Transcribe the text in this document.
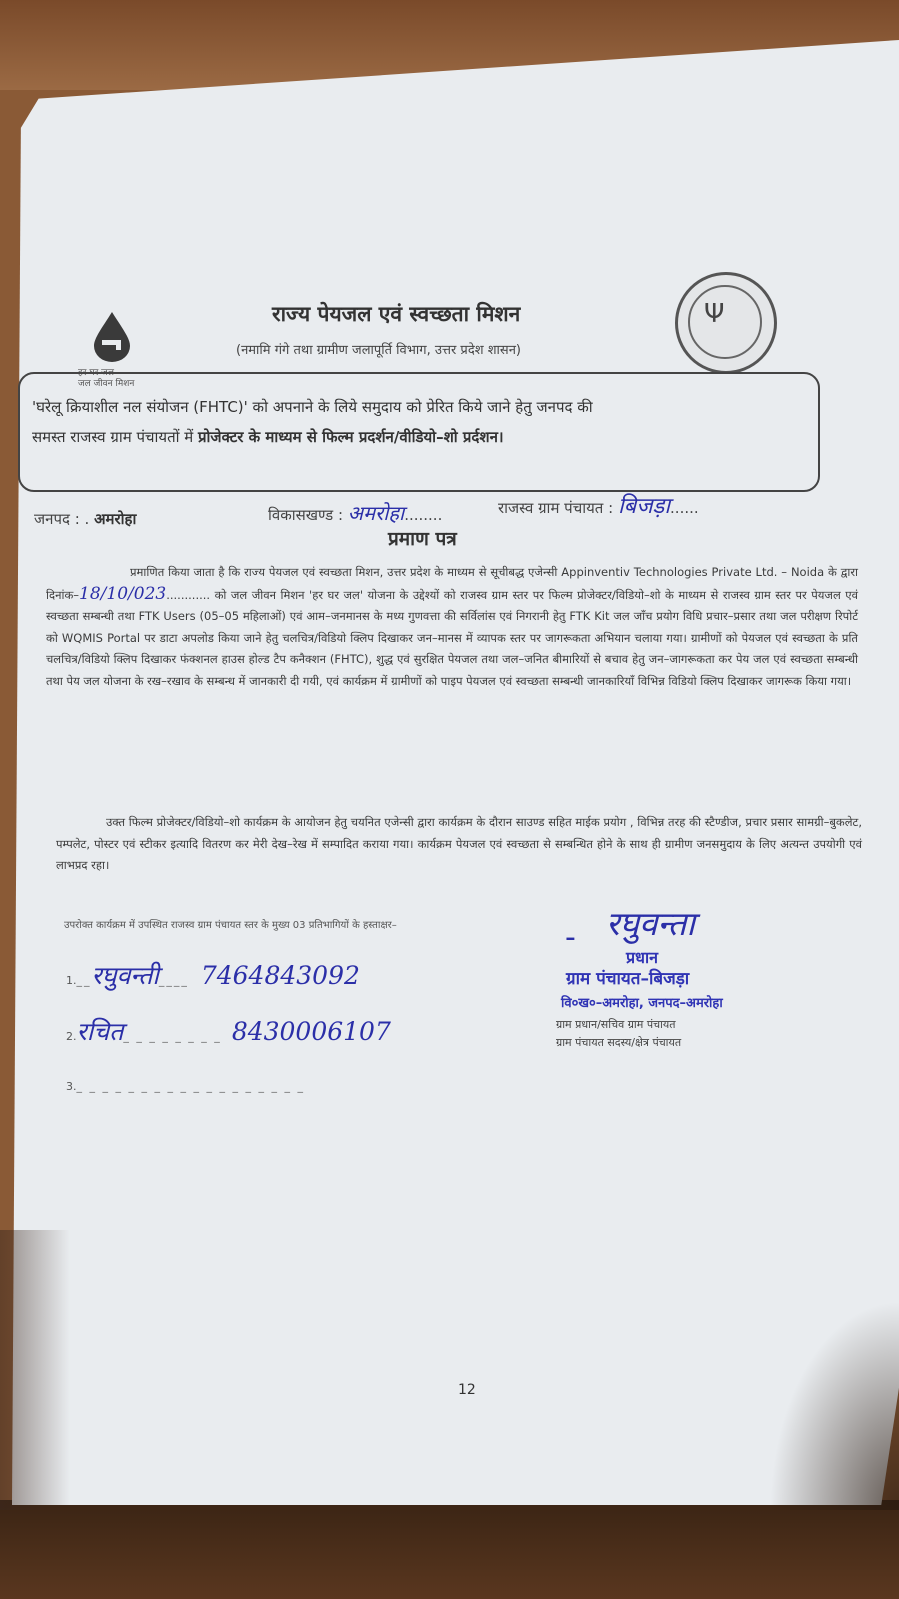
हर घर जल
जल जीवन मिशन
राज्य पेयजल एवं स्वच्छता मिशन
(नमामि गंगे तथा ग्रामीण जलापूर्ति विभाग, उत्तर प्रदेश शासन)
Ψ
'घरेलू क्रियाशील नल संयोजन (FHTC)' को अपनाने के लिये समुदाय को प्रेरित किये जाने हेतु जनपद की
समस्त राजस्व ग्राम पंचायतों में प्रोजेक्टर के माध्यम से फिल्म प्रदर्शन/वीडियो–शो प्रर्दशन।
जनपद : . अमरोहा	विकासखण्ड : अमरोहा........	राजस्व ग्राम पंचायत : बिजड़ा......
प्रमाण पत्र
प्रमाणित किया जाता है कि राज्य पेयजल एवं स्वच्छता मिशन, उत्तर प्रदेश के माध्यम से सूचीबद्ध एजेन्सी Appinventiv Technologies Private Ltd. – Noida के द्वारा दिनांक–18/10/023............ को जल जीवन मिशन 'हर घर जल' योजना के उद्देश्यों को राजस्व ग्राम स्तर पर फिल्म प्रोजेक्टर/विडियो–शो के माध्यम से राजस्व ग्राम स्तर पर पेयजल एवं स्वच्छता सम्बन्धी तथा FTK Users (05–05 महिलाओं) एवं आम–जनमानस के मध्य गुणवत्ता की सर्विलांस एवं निगरानी हेतु FTK Kit जल जाँच प्रयोग विधि प्रचार–प्रसार तथा जल परीक्षण रिपोर्ट को WQMIS Portal पर डाटा अपलोड किया जाने हेतु चलचित्र/विडियो क्लिप दिखाकर जन–मानस में व्यापक स्तर पर जागरूकता अभियान चलाया गया। ग्रामीणों को पेयजल एवं स्वच्छता के प्रति चलचित्र/विडियो क्लिप दिखाकर फंक्शनल हाउस होल्ड टैप कनैक्शन (FHTC), शुद्ध एवं सुरक्षित पेयजल तथा जल–जनित बीमारियों से बचाव हेतु जन–जागरूकता कर पेय जल एवं स्वच्छता सम्बन्धी तथा पेय जल योजना के रख–रखाव के सम्बन्ध में जानकारी दी गयी, एवं कार्यक्रम में ग्रामीणों को पाइप पेयजल एवं स्वच्छता सम्बन्धी जानकारियाँ विभिन्न विडियो क्लिप दिखाकर जागरूक किया गया।
उक्त फिल्म प्रोजेक्टर/विडियो–शो कार्यक्रम के आयोजन हेतु चयनित एजेन्सी द्वारा कार्यक्रम के दौरान साउण्ड सहित माईक प्रयोग , विभिन्न तरह की स्टैण्डीज, प्रचार प्रसार सामग्री–बुकलेट, पम्पलेट, पोस्टर एवं स्टीकर इत्यादि वितरण कर मेरी देख–रेख में सम्पादित कराया गया। कार्यक्रम पेयजल एवं स्वच्छता से सम्बन्धित होने के साथ ही ग्रामीण जनसमुदाय के लिए अत्यन्त उपयोगी एवं लाभप्रद रहा।
उपरोक्त कार्यक्रम में उपस्थित राजस्व ग्राम पंचायत स्तर के मुख्य 03 प्रतिभागियों के हस्ताक्षर–
1.__रघुवन्ती____ 7464843092
2.रचित_ _ _ _ _ _ _ _ 8430006107
3._ _ _ _ _ _ _ _ _ _ _ _ _ _ _ _ _ _
- रघुवन्ता
प्रधान
ग्राम पंचायत–बिजड़ा
वि०ख०–अमरोहा, जनपद–अमरोहा
ग्राम प्रधान/सचिव ग्राम पंचायत
ग्राम पंचायत सदस्य/क्षेत्र पंचायत
12
